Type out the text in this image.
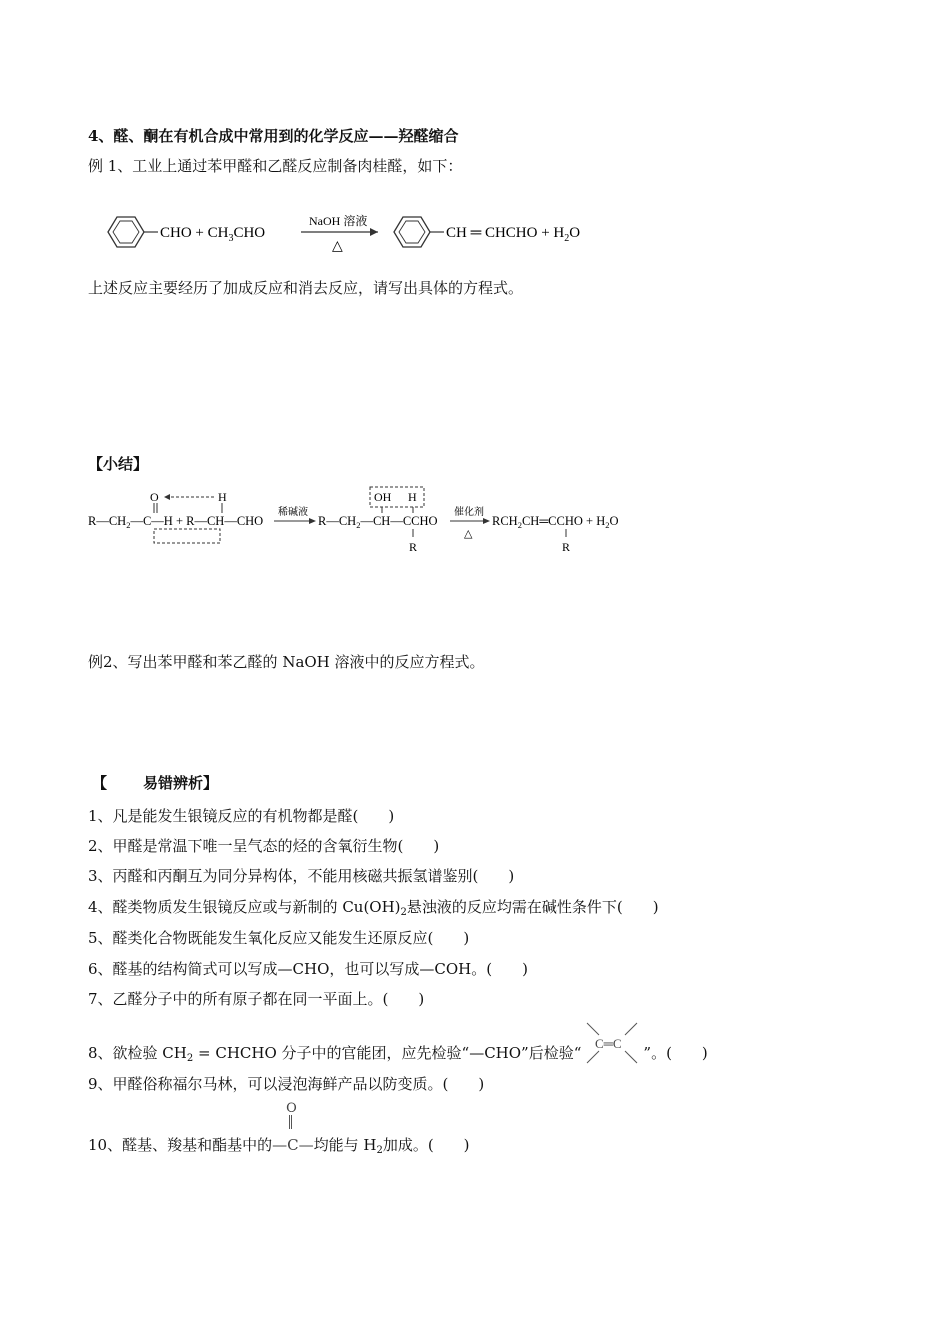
4、醛、酮在有机合成中常用到的化学反应——羟醛缩合
例 1、工业上通过苯甲醛和乙醛反应制备肉桂醛，如下：
CHO + $CH_3CHO$
NaOH 溶液
△
CH ═ CHCHO + $H_2O$
上述反应主要经历了加成反应和消去反应，请写出具体的方程式。
【小结】
O	H
$R—CH_2—C—H$ + R—CH—CHO
稀碱液
$R—CH_2—CH—CCHO$
OH H
R
催化剂
△
$RCH_2CH═CCHO + H_2O$
R
例2、写出苯甲醛和苯乙醛的 NaOH 溶液中的反应方程式。
【 易错辨析】
1、凡是能发生银镜反应的有机物都是醛(　　)
2、甲醛是常温下唯一呈气态的烃的含氧衍生物(　　)
3、丙醛和丙酮互为同分异构体，不能用核磁共振氢谱鉴别(　　)
4、醛类物质发生银镜反应或与新制的 $Cu(OH)_2$悬浊液的反应均需在碱性条件下(　　)
5、醛类化合物既能发生氧化反应又能发生还原反应(　　)
6、醛基的结构简式可以写成—CHO，也可以写成—COH。(　　)
7、乙醛分子中的所有原子都在同一平面上。(　　)
8、欲检验 $CH_2$ = CHCHO 分子中的官能团，应先检验“—CHO”后检验“
C═C
”。(　　)
9、甲醛俗称福尔马林，可以浸泡海鲜产品以防变质。(　　)
10、醛基、羧基和酯基中的
O
—C—均能与 $H_2$加成。(　　)
